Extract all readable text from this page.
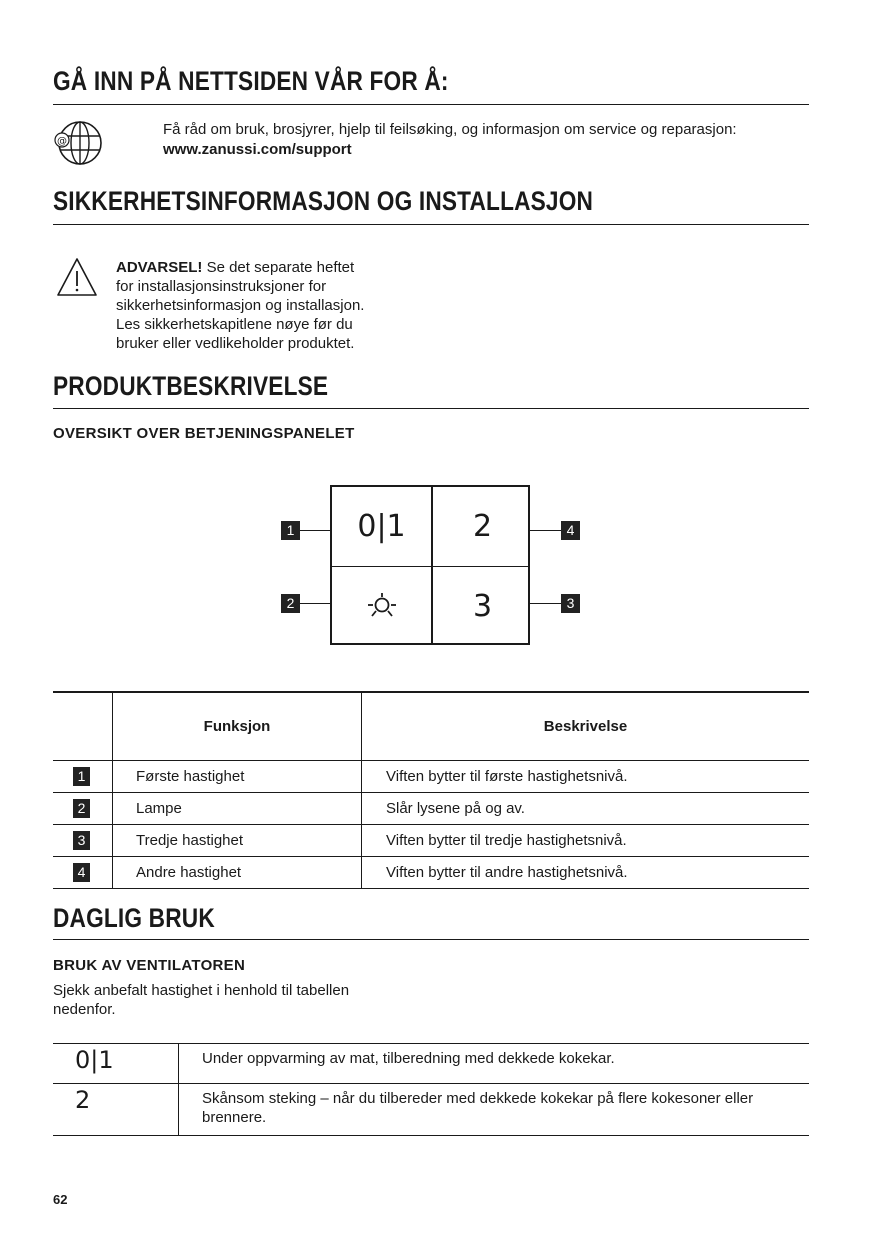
GÅ INN PÅ NETTSIDEN VÅR FOR Å:
@
Få råd om bruk, brosjyrer, hjelp til feilsøking, og informasjon om service og reparasjon:
www.zanussi.com/support
SIKKERHETSINFORMASJON OG INSTALLASJON
ADVARSEL! Se det separate heftet
for installasjonsinstruksjoner for
sikkerhetsinformasjon og installasjon.
Les sikkerhetskapitlene nøye før du
bruker eller vedlikeholder produktet.
PRODUKTBESKRIVELSE
OVERSIKT OVER BETJENINGSPANELET
1
2
4
3
0|1	2
3
	Funksjon	Beskrivelse
1	Første hastighet	Viften bytter til første hastighetsnivå.
2	Lampe	Slår lysene på og av.
3	Tredje hastighet	Viften bytter til tredje hastighetsnivå.
4	Andre hastighet	Viften bytter til andre hastighetsnivå.
DAGLIG BRUK
BRUK AV VENTILATOREN
Sjekk anbefalt hastighet i henhold til tabellen
nedenfor.
0|1	Under oppvarming av mat, tilberedning med dekkede kokekar.

2	Skånsom steking – når du tilbereder med dekkede kokekar på flere kokesoner eller
brennere.
62
